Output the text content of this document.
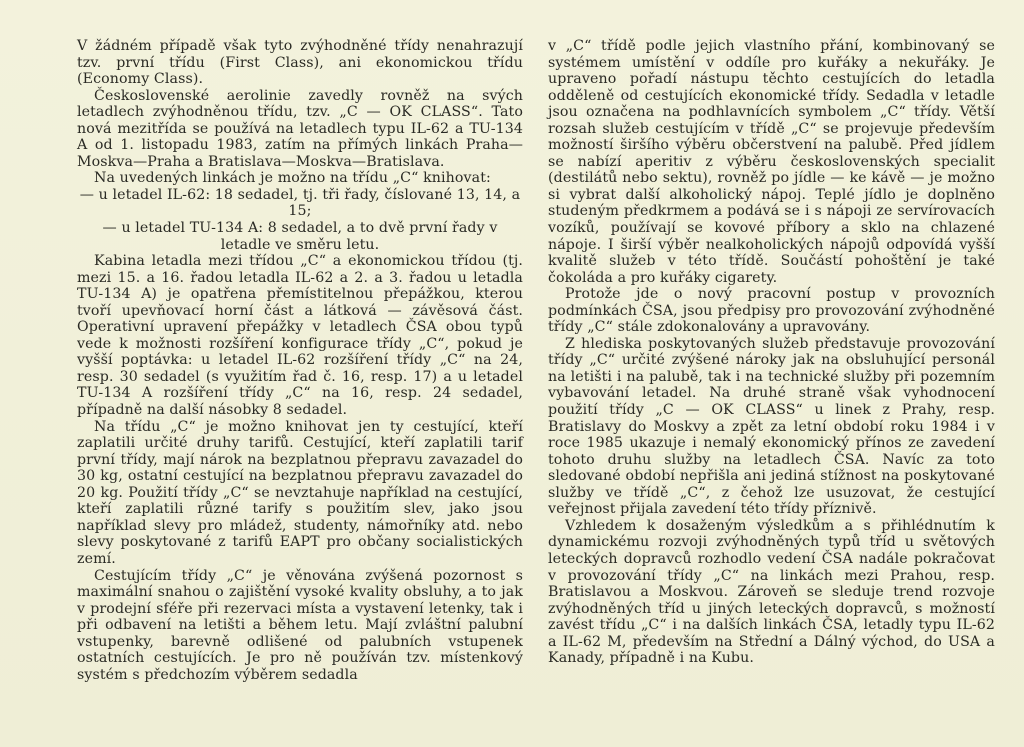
V žádném případě však tyto zvýhodněné třídy nenahrazují tzv. první třídu (First Class), ani ekonomickou třídu (Economy Class).

Československé aerolinie zavedly rovněž na svých letadlech zvýhodněnou třídu, tzv. „C — OK CLASS“. Tato nová mezitřída se používá na letadlech typu IL-62 a TU-134 A od 1. listopadu 1983, zatím na přímých linkách Praha—Moskva—Praha a Bratislava—Moskva—Bratislava.

Na uvedených linkách je možno na třídu „C“ knihovat:

— u letadel IL-62: 18 sedadel, tj. tři řady, číslované 13, 14, a 15;

— u letadel TU-134 A: 8 sedadel, a to dvě první řady v letadle ve směru letu.

Kabina letadla mezi třídou „C“ a ekonomickou třídou (tj. mezi 15. a 16. řadou letadla IL-62 a 2. a 3. řadou u letadla TU-134 A) je opatřena přemístitelnou přepážkou, kterou tvoří upevňovací horní část a látková — závěsová část. Operativní upravení přepážky v letadlech ČSA obou typů vede k možnosti rozšíření konfigurace třídy „C“, pokud je vyšší poptávka: u letadel IL-62 rozšíření třídy „C“ na 24, resp. 30 sedadel (s využitím řad č. 16, resp. 17) a u letadel TU-134 A rozšíření třídy „C“ na 16, resp. 24 sedadel, případně na další násobky 8 sedadel.

Na třídu „C“ je možno knihovat jen ty cestující, kteří zaplatili určité druhy tarifů. Cestující, kteří zaplatili tarif první třídy, mají nárok na bezplatnou přepravu zavazadel do 30 kg, ostatní cestující na bezplatnou přepravu zavazadel do 20 kg. Použití třídy „C“ se nevztahuje například na cestující, kteří zaplatili různé tarify s použitím slev, jako jsou například slevy pro mládež, studenty, námořníky atd. nebo slevy poskytované z tarifů EAPT pro občany socialistických zemí.

Cestujícím třídy „C“ je věnována zvýšená pozornost s maximální snahou o zajištění vysoké kvality obsluhy, a to jak v prodejní sféře při rezervaci místa a vystavení letenky, tak i při odbavení na letišti a během letu. Mají zvláštní palubní vstupenky, barevně odlišené od palubních vstupenek ostatních cestujících. Je pro ně používán tzv. místenkový systém s předchozím výběrem sedadla

v „C“ třídě podle jejich vlastního přání, kombinovaný se systémem umístění v oddíle pro kuřáky a nekuřáky. Je upraveno pořadí nástupu těchto cestujících do letadla odděleně od cestujících ekonomické třídy. Sedadla v letadle jsou označena na podhlavnících symbolem „C“ třídy. Větší rozsah služeb cestujícím v třídě „C“ se projevuje především možností širšího výběru občerstvení na palubě. Před jídlem se nabízí aperitiv z výběru československých specialit (destilátů nebo sektu), rovněž po jídle — ke kávě — je možno si vybrat další alkoholický nápoj. Teplé jídlo je doplněno studeným předkrmem a podává se i s nápoji ze servírovacích vozíků, používají se kovové příbory a sklo na chlazené nápoje. I širší výběr nealkoholických nápojů odpovídá vyšší kvalitě služeb v této třídě. Součástí pohoštění je také čokoláda a pro kuřáky cigarety.

Protože jde o nový pracovní postup v provozních podmínkách ČSA, jsou předpisy pro provozování zvýhodněné třídy „C“ stále zdokonalovány a upravovány.

Z hlediska poskytovaných služeb představuje provozování třídy „C“ určité zvýšené nároky jak na obsluhující personál na letišti i na palubě, tak i na technické služby při pozemním vybavování letadel. Na druhé straně však vyhodnocení použití třídy „C — OK CLASS“ u linek z Prahy, resp. Bratislavy do Moskvy a zpět za letní období roku 1984 i v roce 1985 ukazuje i nemalý ekonomický přínos ze zavedení tohoto druhu služby na letadlech ČSA. Navíc za toto sledované období nepřišla ani jediná stížnost na poskytované služby ve třídě „C“, z čehož lze usuzovat, že cestující veřejnost přijala zavedení této třídy příznivě.

Vzhledem k dosaženým výsledkům a s přihlédnutím k dynamickému rozvoji zvýhodněných typů tříd u světových leteckých dopravců rozhodlo vedení ČSA nadále pokračovat v provozování třídy „C“ na linkách mezi Prahou, resp. Bratislavou a Moskvou. Zároveň se sleduje trend rozvoje zvýhodněných tříd u jiných leteckých dopravců, s možností zavést třídu „C“ i na dalších linkách ČSA, letadly typu IL-62 a IL-62 M, především na Střední a Dálný východ, do USA a Kanady, případně i na Kubu.
